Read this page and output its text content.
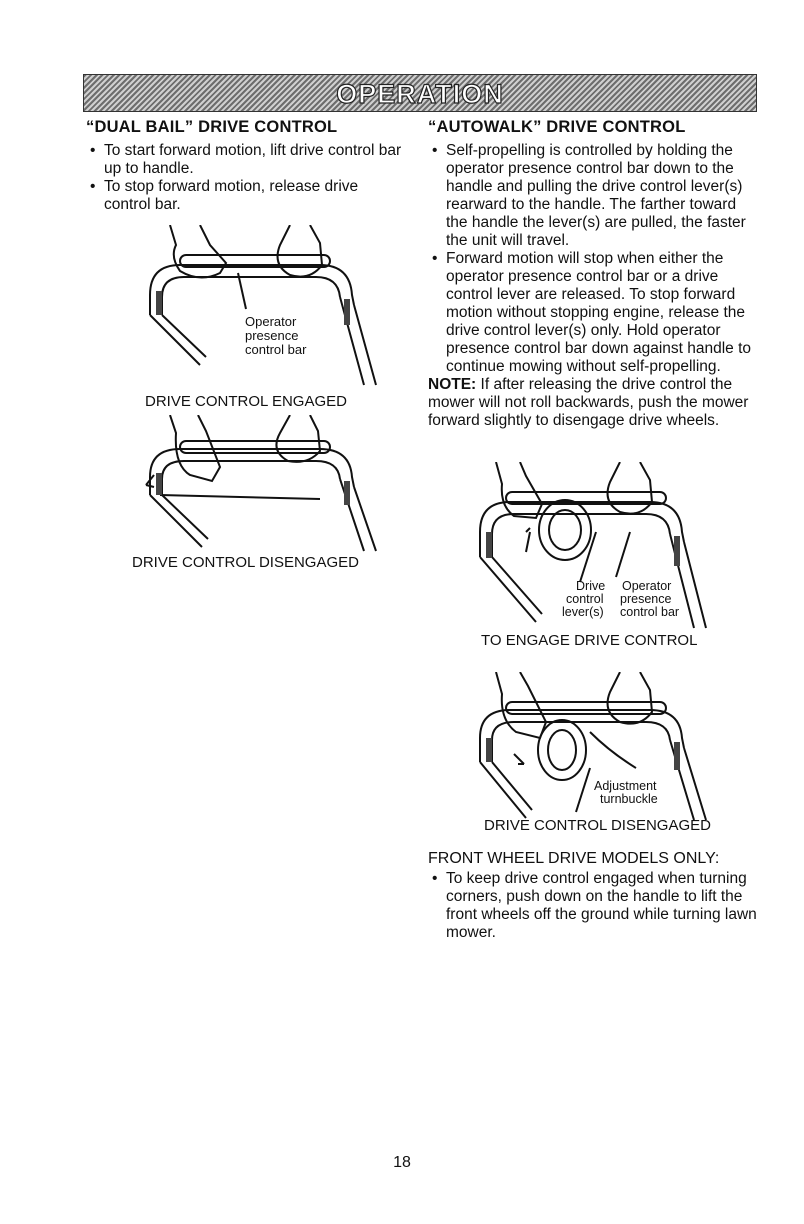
OPERATION
“DUAL BAIL” DRIVE CONTROL
• To start forward motion, lift drive control bar up to handle.
• To stop forward motion, release drive control bar.
Operator
presence
control bar
DRIVE CONTROL ENGAGED
DRIVE CONTROL DISENGAGED
“AUTOWALK” DRIVE CONTROL
• Self-propelling is controlled by holding the operator presence control bar down to the handle and pulling the drive control lever(s) rearward to the handle. The farther toward the handle the lever(s) are pulled, the faster the unit will travel.
• Forward motion will stop when either the operator presence control bar or a drive control lever are released. To stop forward motion without stopping engine, release the drive control lever(s) only. Hold operator presence control bar down against handle to continue mowing without self-propelling.
NOTE: If after releasing the drive control the mower will not roll backwards, push the mower forward slightly to disengage drive wheels.
Drive
control
lever(s)
Operator
presence
control bar
TO ENGAGE DRIVE CONTROL
Adjustment
turnbuckle
DRIVE CONTROL DISENGAGED
FRONT WHEEL DRIVE MODELS ONLY:
• To keep drive control engaged when turning corners, push down on the handle to lift the front wheels off the ground while turning lawn mower.
18
